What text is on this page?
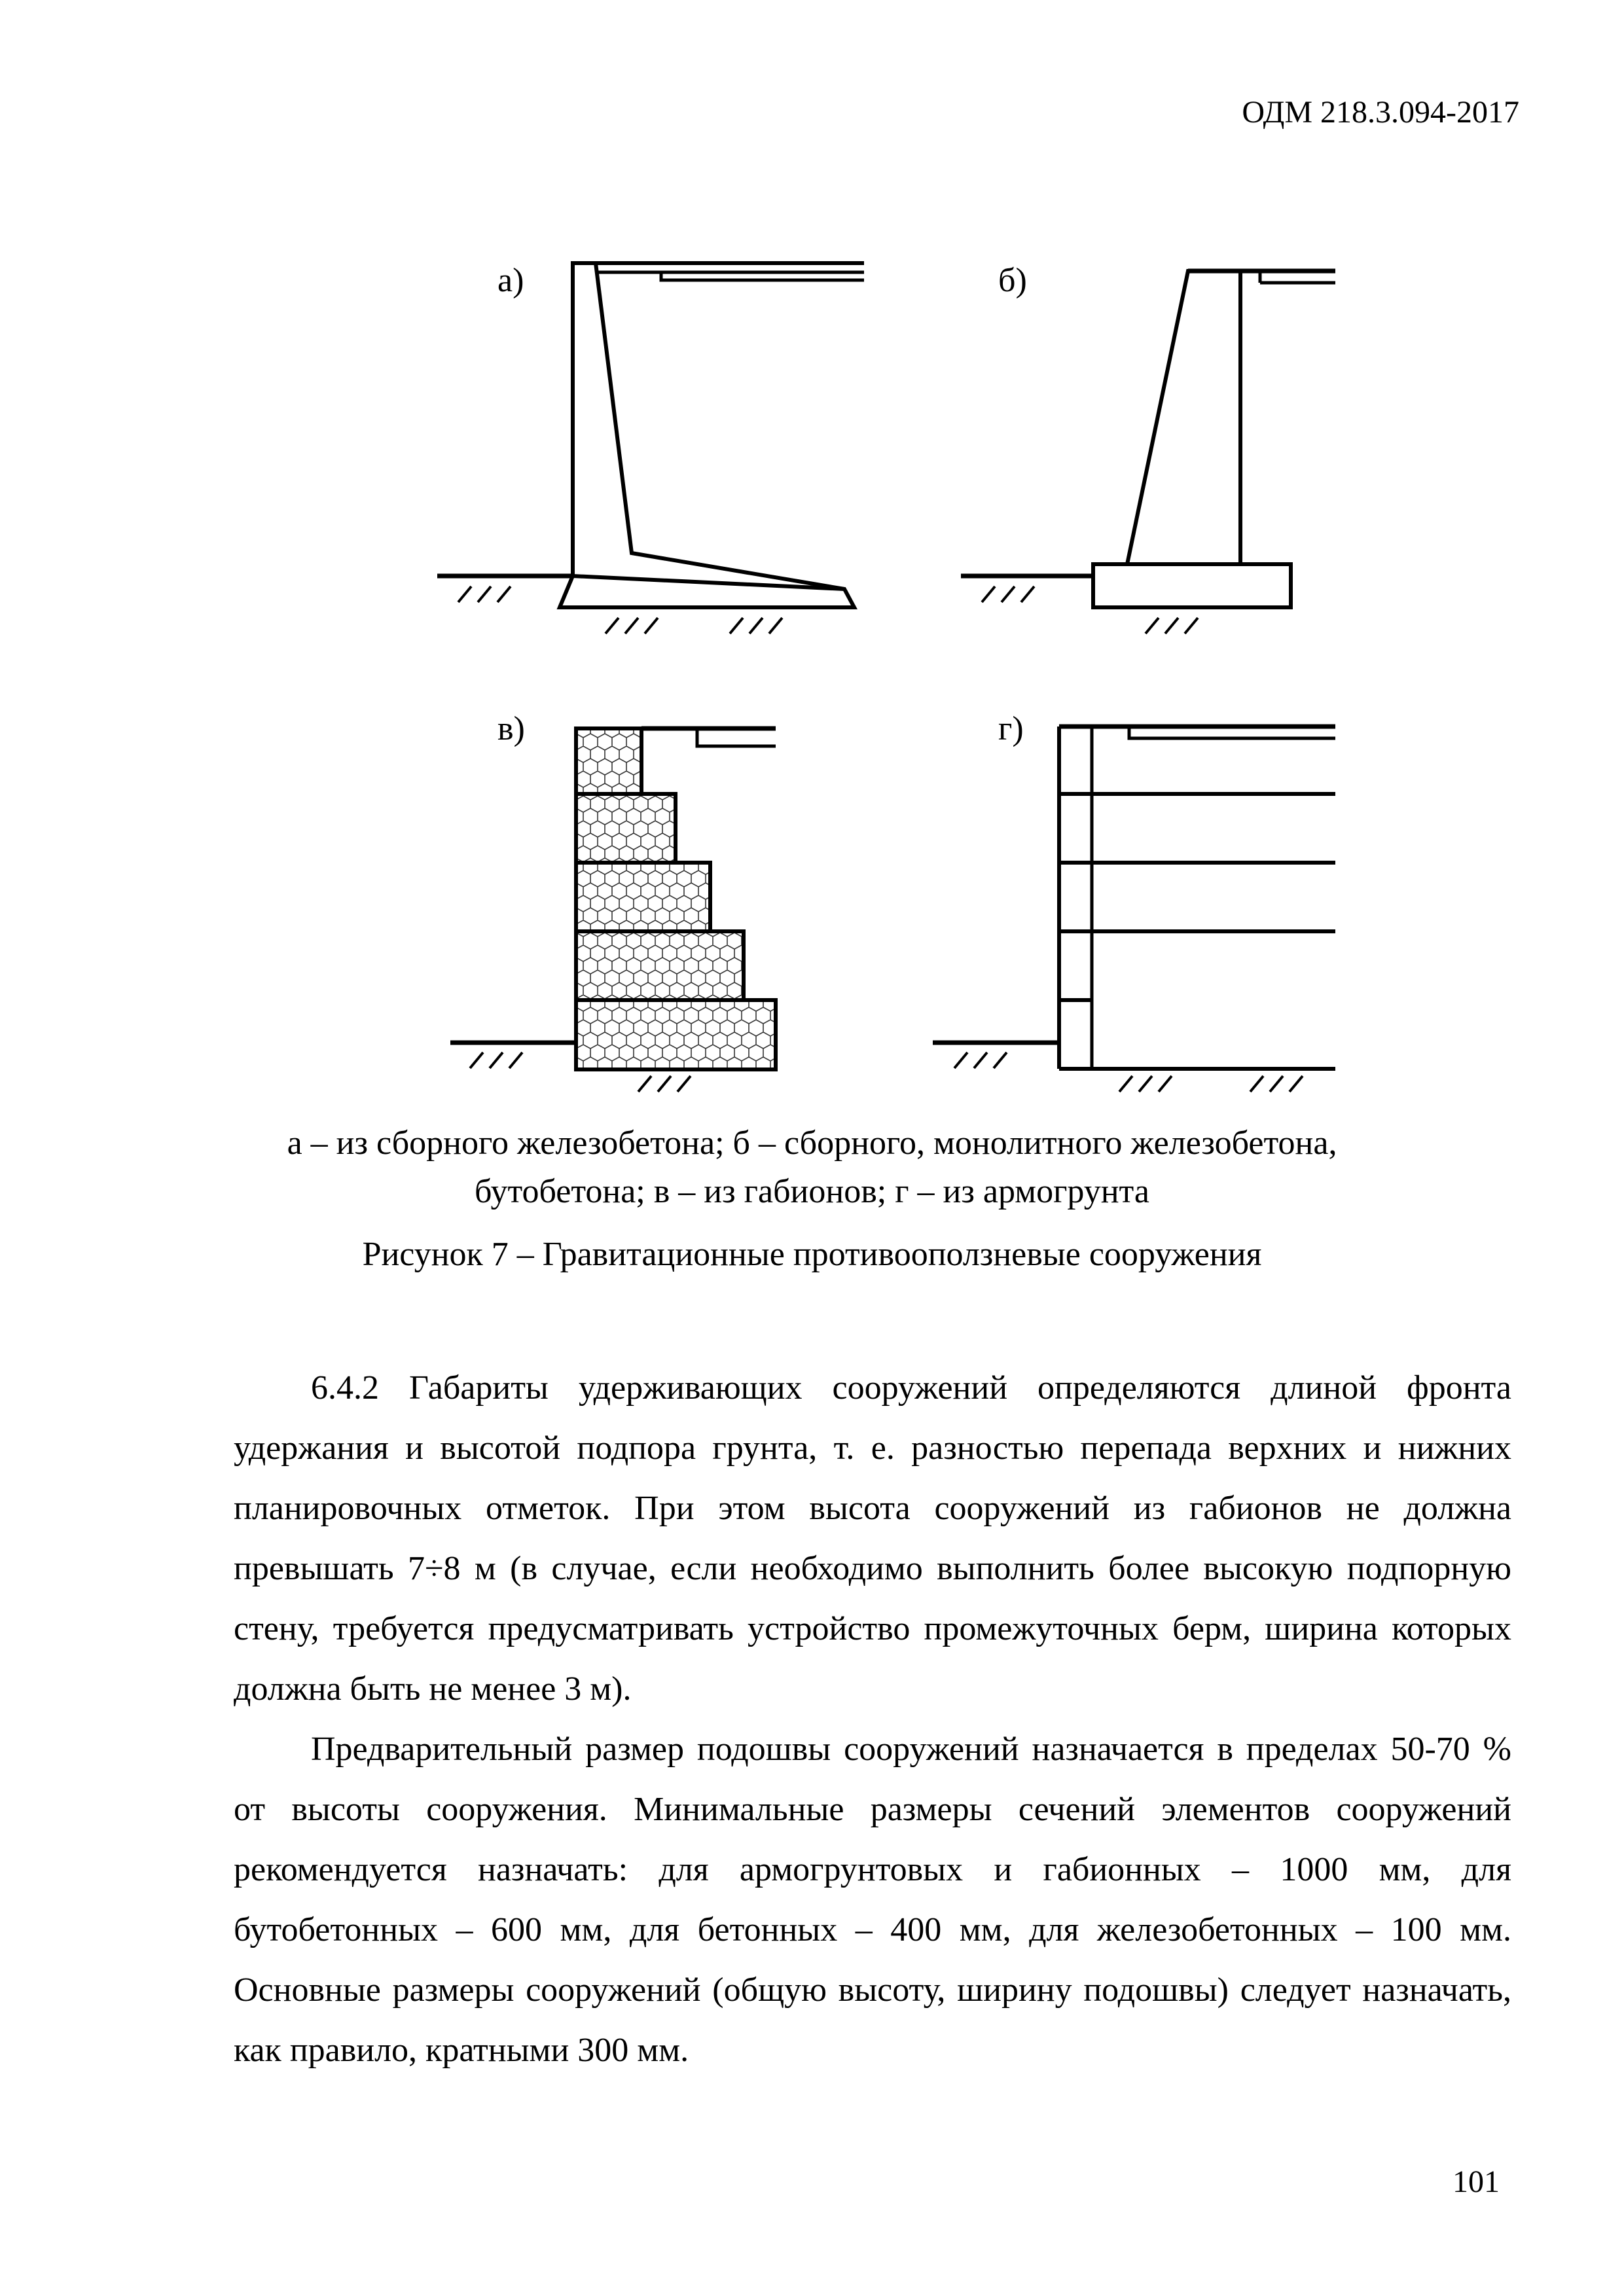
ОДМ 218.3.094-2017
а)	б)
в)	г)
а – из сборного железобетона; б – сборного, монолитного железобетона,
бутобетона; в – из габионов; г – из армогрунта
Рисунок 7 – Гравитационные противооползневые сооружения

6.4.2 Габариты удерживающих сооружений определяются длиной фронта удержания и высотой подпора грунта, т. е. разностью перепада верхних и нижних планировочных отметок. При этом высота сооружений из габионов не должна превышать 7÷8 м (в случае, если необходимо выполнить более высокую подпорную стену, требуется предусматривать устройство промежуточных берм, ширина которых должна быть не менее 3 м).

Предварительный размер подошвы сооружений назначается в пределах 50-70 % от высоты сооружения. Минимальные размеры сечений элементов сооружений рекомендуется назначать: для армогрунтовых и габионных – 1000 мм, для бутобетонных – 600 мм, для бетонных – 400 мм, для железобетонных – 100 мм. Основные размеры сооружений (общую высоту, ширину подошвы) следует назначать, как правило, кратными 300 мм.

101
